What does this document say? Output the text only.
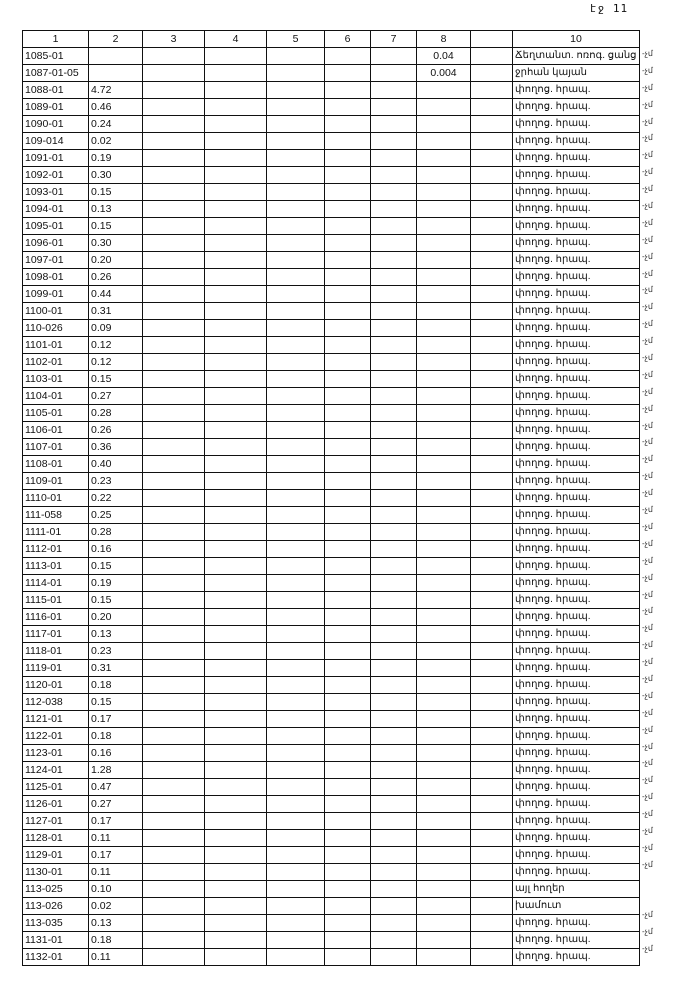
էջ 11
1	2	3	4	5	6	7	8		10
1085-01							0.04		Ճեղտանտ. ոռոգ. ցանց
1087-01-05							0.004		ջրհան կայան
1088-01	4.72								փողոց. հրապ.
1089-01	0.46								փողոց. հրապ.
1090-01	0.24								փողոց. հրապ.
109-014	0.02								փողոց. հրապ.
1091-01	0.19								փողոց. հրապ.
1092-01	0.30								փողոց. հրապ.
1093-01	0.15								փողոց. հրապ.
1094-01	0.13								փողոց. հրապ.
1095-01	0.15								փողոց. հրապ.
1096-01	0.30								փողոց. հրապ.
1097-01	0.20								փողոց. հրապ.
1098-01	0.26								փողոց. հրապ.
1099-01	0.44								փողոց. հրապ.
1100-01	0.31								փողոց. հրապ.
110-026	0.09								փողոց. հրապ.
1101-01	0.12								փողոց. հրապ.
1102-01	0.12								փողոց. հրապ.
1103-01	0.15								փողոց. հրապ.
1104-01	0.27								փողոց. հրապ.
1105-01	0.28								փողոց. հրապ.
1106-01	0.26								փողոց. հրապ.
1107-01	0.36								փողոց. հրապ.
1108-01	0.40								փողոց. հրապ.
1109-01	0.23								փողոց. հրապ.
1110-01	0.22								փողոց. հրապ.
111-058	0.25								փողոց. հրապ.
1111-01	0.28								փողոց. հրապ.
1112-01	0.16								փողոց. հրապ.
1113-01	0.15								փողոց. հրապ.
1114-01	0.19								փողոց. հրապ.
1115-01	0.15								փողոց. հրապ.
1116-01	0.20								փողոց. հրապ.
1117-01	0.13								փողոց. հրապ.
1118-01	0.23								փողոց. հրապ.
1119-01	0.31								փողոց. հրապ.
1120-01	0.18								փողոց. հրապ.
112-038	0.15								փողոց. հրապ.
1121-01	0.17								փողոց. հրապ.
1122-01	0.18								փողոց. հրապ.
1123-01	0.16								փողոց. հրապ.
1124-01	1.28								փողոց. հրապ.
1125-01	0.47								փողոց. հրապ.
1126-01	0.27								փողոց. հրապ.
1127-01	0.17								փողոց. հրապ.
1128-01	0.11								փողոց. հրապ.
1129-01	0.17								փողոց. հրապ.
1130-01	0.11								փողոց. հրապ.
113-025	0.10								այլ հողեր
113-026	0.02								խամուտ
113-035	0.13								փողոց. հրապ.
1131-01	0.18								փողոց. հրապ.
1132-01	0.11								փողոց. հրապ.
-չմ
-չմ
-չմ
-չմ
-չմ
-չմ
-չմ
-չմ
-չմ
-չմ
-չմ
-չմ
-չմ
-չմ
-չմ
-չմ
-չմ
-չմ
-չմ
-չմ
-չմ
-չմ
-չմ
-չմ
-չմ
-չմ
-չմ
-չմ
-չմ
-չմ
-չմ
-չմ
-չմ
-չմ
-չմ
-չմ
-չմ
-չմ
-չմ
-չմ
-չմ
-չմ
-չմ
-չմ
-չմ
-չմ
-չմ
-չմ
-չմ
-չմ
-չմ
-չմ
